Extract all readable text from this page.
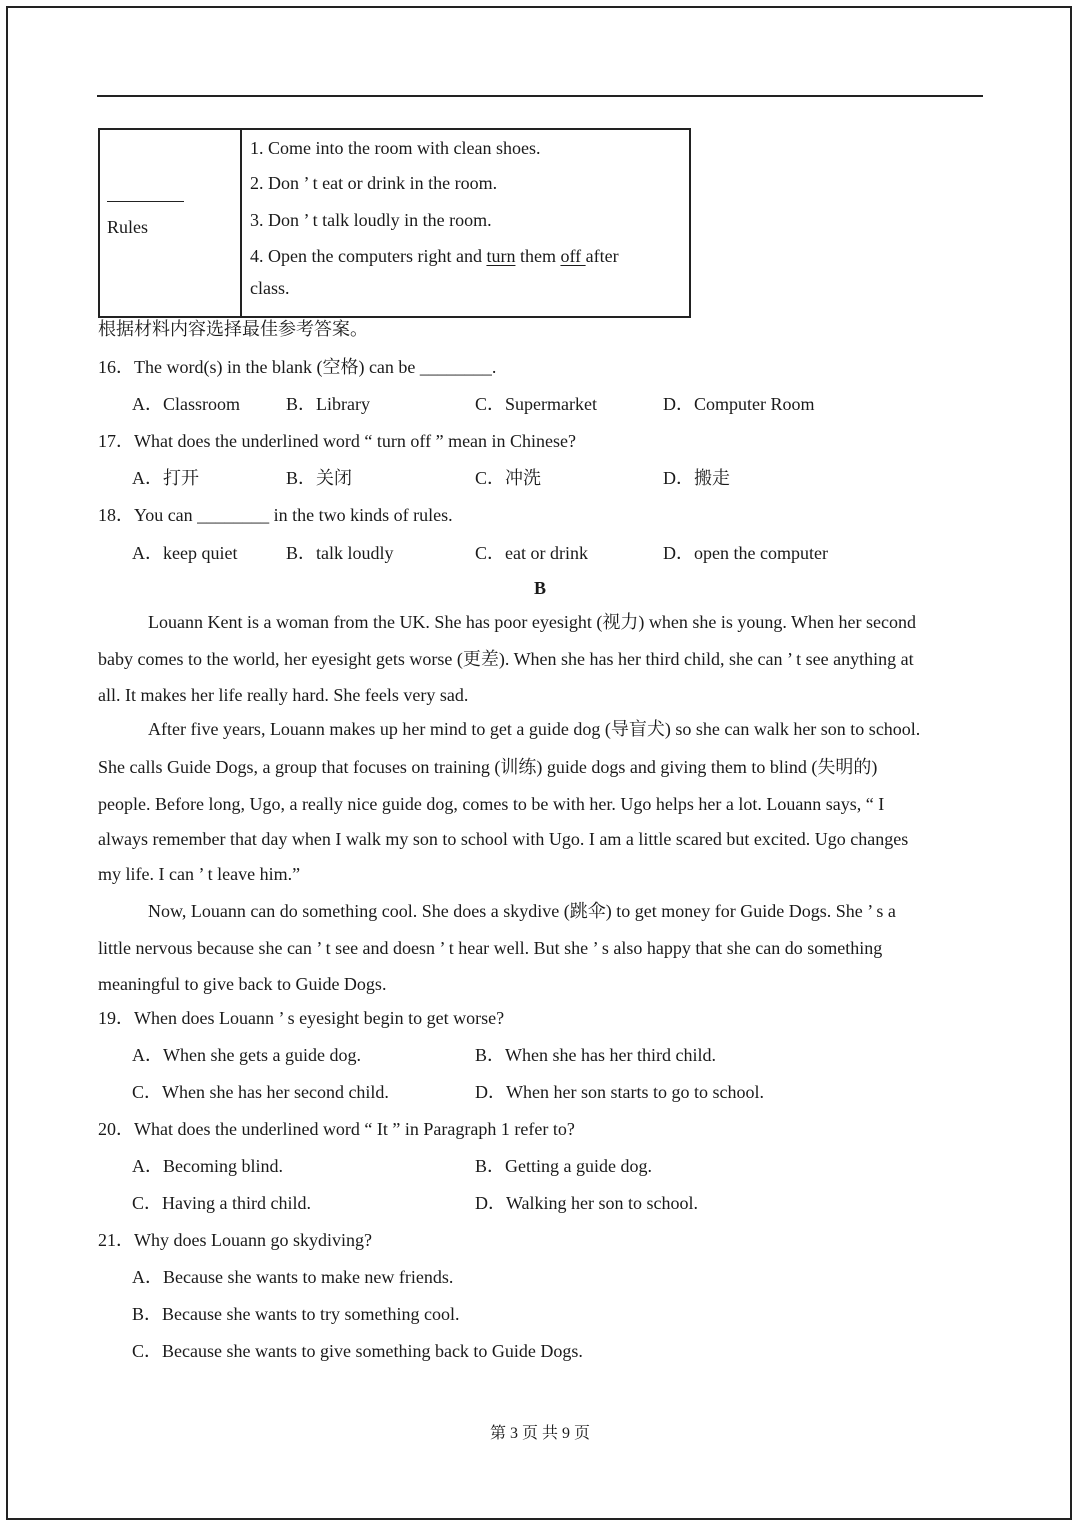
Rules
1. Come into the room with clean shoes.
2. Don ’ t eat or drink in the room.
3. Don ’ t talk loudly in the room.
4. Open the computers right and turn them off after
class.
根据材料内容选择最佳参考答案。
16．The word(s) in the blank (空格) can be ________.
A．Classroom	B．Library	C．Supermarket	D．Computer Room
17．What does the underlined word “ turn off ” mean in Chinese?
A．打开	B．关闭	C．冲洗	D．搬走
18．You can ________ in the two kinds of rules.
A．keep quiet	B．talk loudly	C．eat or drink	D．open the computer
B
Louann Kent is a woman from the UK. She has poor eyesight (视力) when she is young. When her second
baby comes to the world, her eyesight gets worse (更差). When she has her third child, she can ’ t see anything at
all. It makes her life really hard. She feels very sad.
After five years, Louann makes up her mind to get a guide dog (导盲犬) so she can walk her son to school.
She calls Guide Dogs, a group that focuses on training (训练) guide dogs and giving them to blind (失明的)
people. Before long, Ugo, a really nice guide dog, comes to be with her. Ugo helps her a lot. Louann says, “ I
always remember that day when I walk my son to school with Ugo. I am a little scared but excited. Ugo changes
my life. I can ’ t leave him.”
Now, Louann can do something cool. She does a skydive (跳伞) to get money for Guide Dogs. She ’ s a
little nervous because she can ’ t see and doesn ’ t hear well. But she ’ s also happy that she can do something
meaningful to give back to Guide Dogs.
19．When does Louann ’ s eyesight begin to get worse?
A．When she gets a guide dog.	B．When she has her third child.
C．When she has her second child.	D．When her son starts to go to school.
20．What does the underlined word “ It ” in Paragraph 1 refer to?
A．Becoming blind.	B．Getting a guide dog.
C．Having a third child.	D．Walking her son to school.
21．Why does Louann go skydiving?
A．Because she wants to make new friends.
B．Because she wants to try something cool.
C．Because she wants to give something back to Guide Dogs.
第 3 页 共 9 页
